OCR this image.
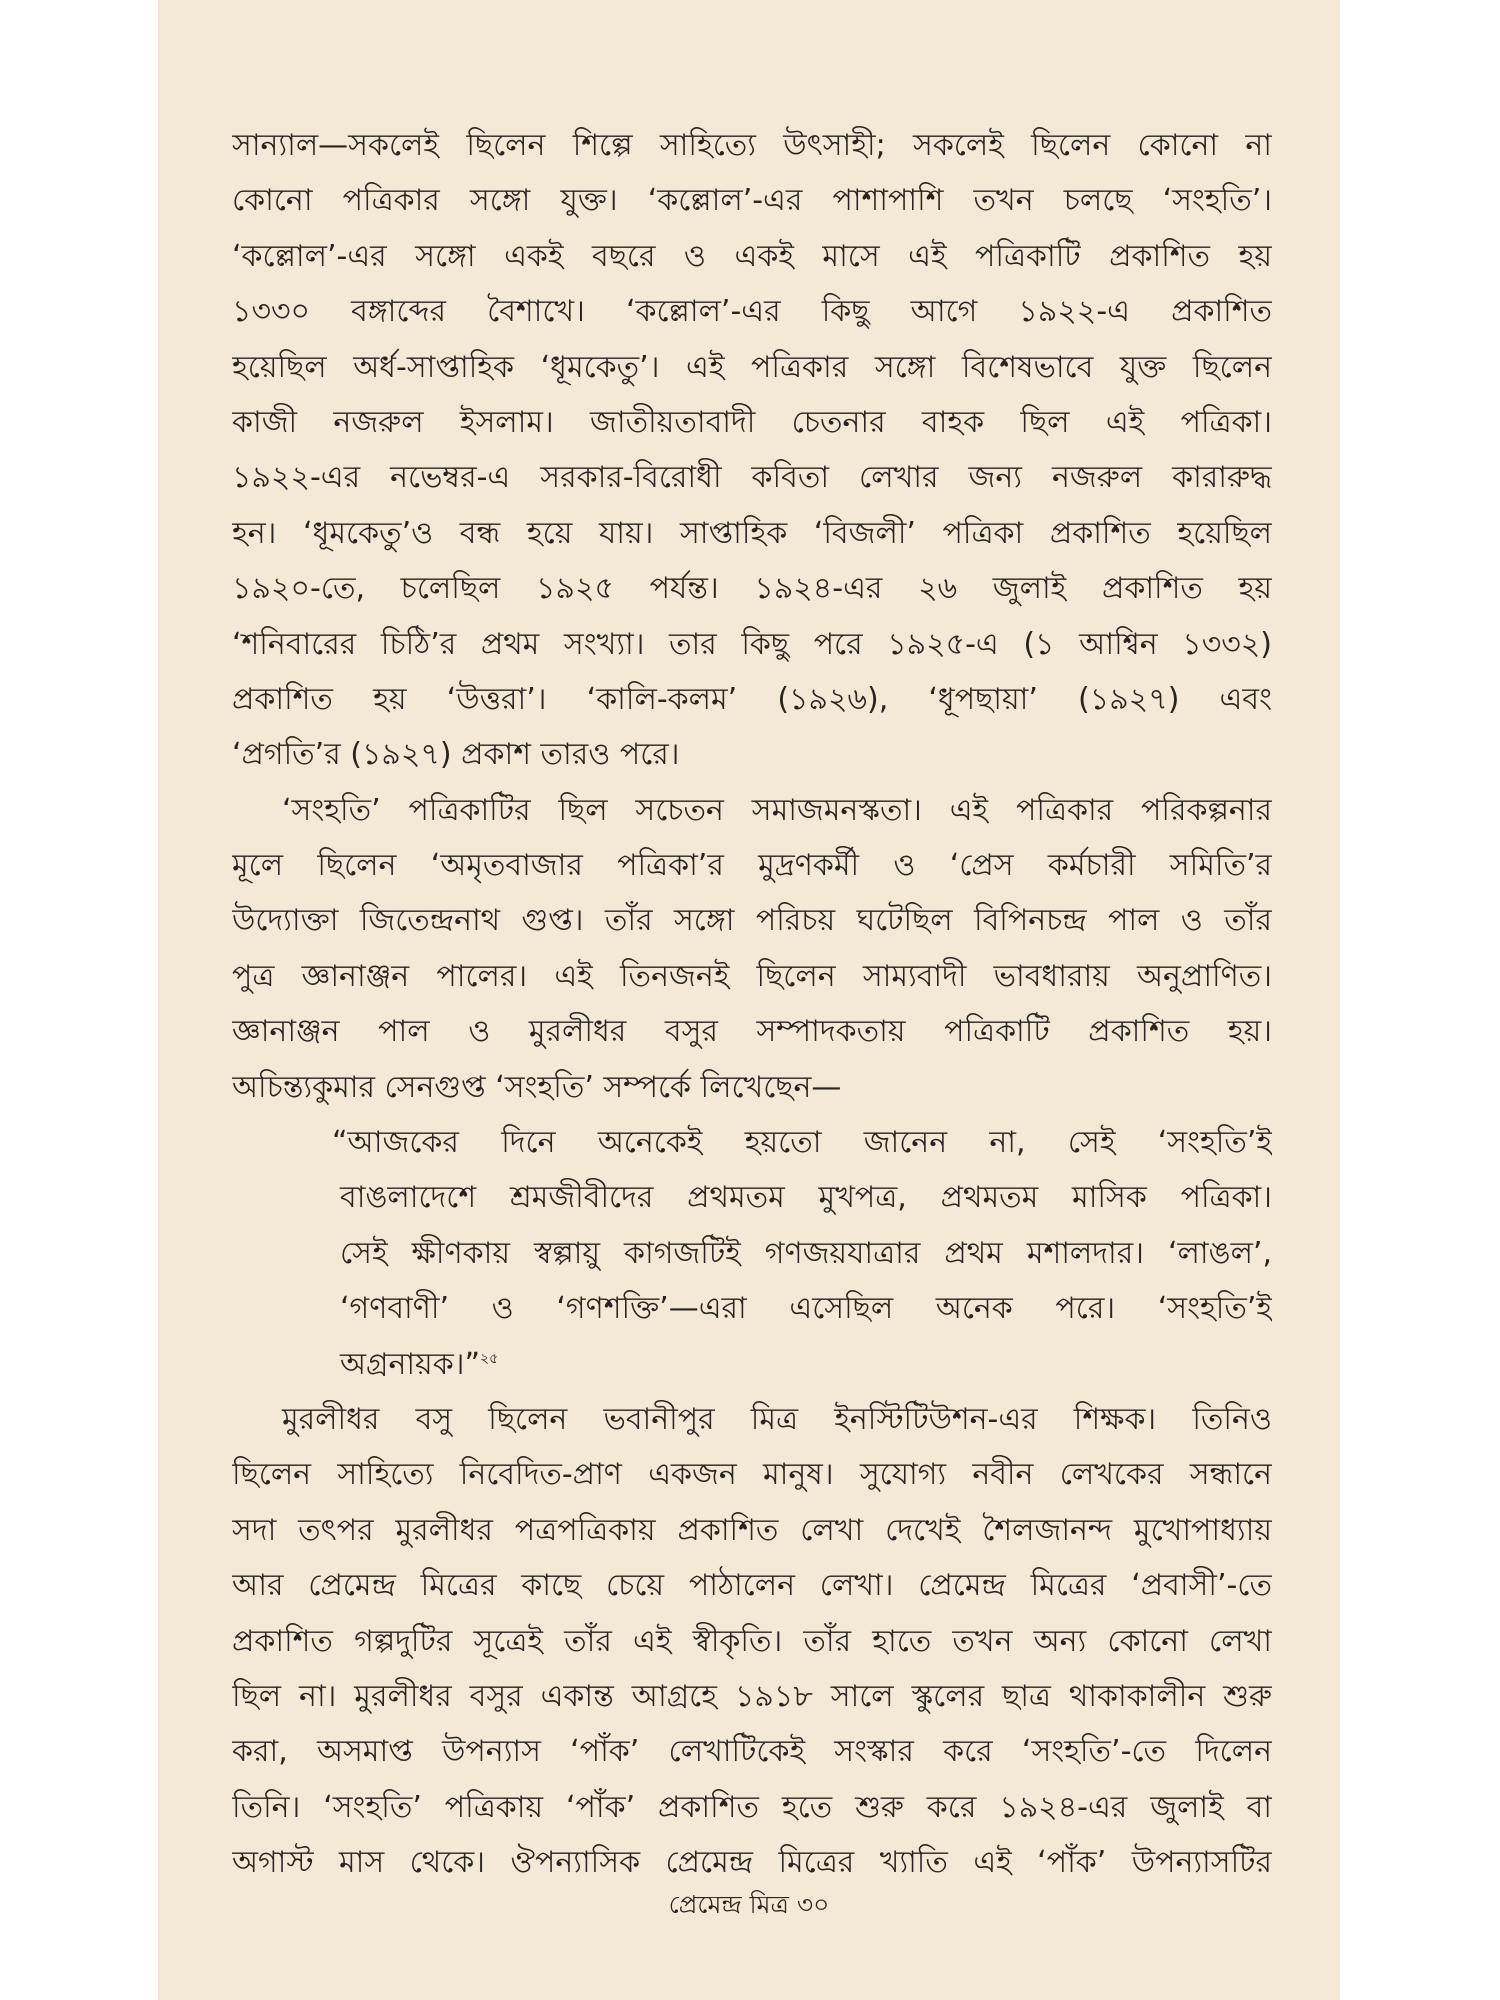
সান্যাল—সকলেই ছিলেন শিল্পে সাহিত্যে উৎসাহী; সকলেই ছিলেন কোনো না
কোনো পত্রিকার সঙ্গো যুক্ত। ‘কল্লোল’-এর পাশাপাশি তখন চলছে ‘সংহতি’।
‘কল্লোল’-এর সঙ্গো একই বছরে ও একই মাসে এই পত্রিকাটি প্রকাশিত হয়
১৩৩০ বঙ্গাব্দের বৈশাখে। ‘কল্লোল’-এর কিছু আগে ১৯২২-এ প্রকাশিত
হয়েছিল অর্ধ-সাপ্তাহিক ‘ধূমকেতু’। এই পত্রিকার সঙ্গো বিশেষভাবে যুক্ত ছিলেন
কাজী নজরুল ইসলাম। জাতীয়তাবাদী চেতনার বাহক ছিল এই পত্রিকা।
১৯২২-এর নভেম্বর-এ সরকার-বিরোধী কবিতা লেখার জন্য নজরুল কারারুদ্ধ
হন। ‘ধূমকেতু’ও বন্ধ হয়ে যায়। সাপ্তাহিক ‘বিজলী’ পত্রিকা প্রকাশিত হয়েছিল
১৯২০-তে, চলেছিল ১৯২৫ পর্যন্ত। ১৯২৪-এর ২৬ জুলাই প্রকাশিত হয়
‘শনিবারের চিঠি’র প্রথম সংখ্যা। তার কিছু পরে ১৯২৫-এ (১ আশ্বিন ১৩৩২)
প্রকাশিত হয় ‘উত্তরা’। ‘কালি-কলম’ (১৯২৬), ‘ধূপছায়া’ (১৯২৭) এবং
‘প্রগতি’র (১৯২৭) প্রকাশ তারও পরে।
‘সংহতি’ পত্রিকাটির ছিল সচেতন সমাজমনস্কতা। এই পত্রিকার পরিকল্পনার
মূলে ছিলেন ‘অমৃতবাজার পত্রিকা’র মুদ্রণকর্মী ও ‘প্রেস কর্মচারী সমিতি’র
উদ্যোক্তা জিতেন্দ্রনাথ গুপ্ত। তাঁর সঙ্গো পরিচয় ঘটেছিল বিপিনচন্দ্র পাল ও তাঁর
পুত্র জ্ঞানাঞ্জন পালের। এই তিনজনই ছিলেন সাম্যবাদী ভাবধারায় অনুপ্রাণিত।
জ্ঞানাঞ্জন পাল ও মুরলীধর বসুর সম্পাদকতায় পত্রিকাটি প্রকাশিত হয়।
অচিন্ত্যকুমার সেনগুপ্ত ‘সংহতি’ সম্পর্কে লিখেছেন—
“আজকের দিনে অনেকেই হয়তো জানেন না, সেই ‘সংহতি’ই
বাঙলাদেশে শ্রমজীবীদের প্রথমতম মুখপত্র, প্রথমতম মাসিক পত্রিকা।
সেই ক্ষীণকায় স্বল্পায়ু কাগজটিই গণজয়যাত্রার প্রথম মশালদার। ‘লাঙল’,
‘গণবাণী’ ও ‘গণশক্তি’—এরা এসেছিল অনেক পরে। ‘সংহতি’ই
অগ্রনায়ক।”$^{২৫}$
মুরলীধর বসু ছিলেন ভবানীপুর মিত্র ইনস্টিটিউশন-এর শিক্ষক। তিনিও
ছিলেন সাহিত্যে নিবেদিত-প্রাণ একজন মানুষ। সুযোগ্য নবীন লেখকের সন্ধানে
সদা তৎপর মুরলীধর পত্রপত্রিকায় প্রকাশিত লেখা দেখেই শৈলজানন্দ মুখোপাধ্যায়
আর প্রেমেন্দ্র মিত্রের কাছে চেয়ে পাঠালেন লেখা। প্রেমেন্দ্র মিত্রের ‘প্রবাসী’-তে
প্রকাশিত গল্পদুটির সূত্রেই তাঁর এই স্বীকৃতি। তাঁর হাতে তখন অন্য কোনো লেখা
ছিল না। মুরলীধর বসুর একান্ত আগ্রহে ১৯১৮ সালে স্কুলের ছাত্র থাকাকালীন শুরু
করা, অসমাপ্ত উপন্যাস ‘পাঁক’ লেখাটিকেই সংস্কার করে ‘সংহতি’-তে দিলেন
তিনি। ‘সংহতি’ পত্রিকায় ‘পাঁক’ প্রকাশিত হতে শুরু করে ১৯২৪-এর জুলাই বা
অগাস্ট মাস থেকে। ঔপন্যাসিক প্রেমেন্দ্র মিত্রের খ্যাতি এই ‘পাঁক’ উপন্যাসটির
প্রেমেন্দ্র মিত্র ৩০
